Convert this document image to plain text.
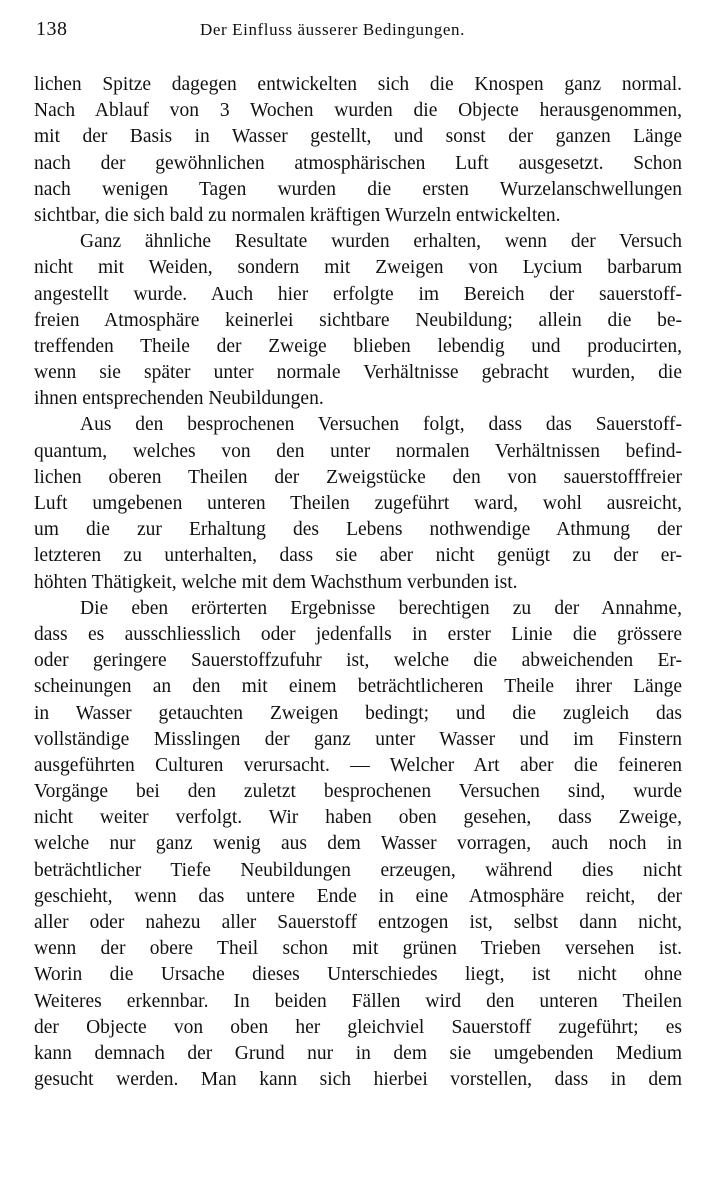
138	Der Einfluss äusserer Bedingungen.
lichen Spitze dagegen entwickelten sich die Knospen ganz normal.
Nach Ablauf von 3 Wochen wurden die Objecte herausgenommen,
mit der Basis in Wasser gestellt, und sonst der ganzen Länge
nach der gewöhnlichen atmosphärischen Luft ausgesetzt. Schon
nach wenigen Tagen wurden die ersten Wurzelanschwellungen
sichtbar, die sich bald zu normalen kräftigen Wurzeln entwickelten.
Ganz ähnliche Resultate wurden erhalten, wenn der Versuch
nicht mit Weiden, sondern mit Zweigen von Lycium barbarum
angestellt wurde. Auch hier erfolgte im Bereich der sauerstoff-
freien Atmosphäre keinerlei sichtbare Neubildung; allein die be-
treffenden Theile der Zweige blieben lebendig und producirten,
wenn sie später unter normale Verhältnisse gebracht wurden, die
ihnen entsprechenden Neubildungen.
Aus den besprochenen Versuchen folgt, dass das Sauerstoff-
quantum, welches von den unter normalen Verhältnissen befind-
lichen oberen Theilen der Zweigstücke den von sauerstofffreier
Luft umgebenen unteren Theilen zugeführt ward, wohl ausreicht,
um die zur Erhaltung des Lebens nothwendige Athmung der
letzteren zu unterhalten, dass sie aber nicht genügt zu der er-
höhten Thätigkeit, welche mit dem Wachsthum verbunden ist.
Die eben erörterten Ergebnisse berechtigen zu der Annahme,
dass es ausschliesslich oder jedenfalls in erster Linie die grössere
oder geringere Sauerstoffzufuhr ist, welche die abweichenden Er-
scheinungen an den mit einem beträchtlicheren Theile ihrer Länge
in Wasser getauchten Zweigen bedingt; und die zugleich das
vollständige Misslingen der ganz unter Wasser und im Finstern
ausgeführten Culturen verursacht. — Welcher Art aber die feineren
Vorgänge bei den zuletzt besprochenen Versuchen sind, wurde
nicht weiter verfolgt. Wir haben oben gesehen, dass Zweige,
welche nur ganz wenig aus dem Wasser vorragen, auch noch in
beträchtlicher Tiefe Neubildungen erzeugen, während dies nicht
geschieht, wenn das untere Ende in eine Atmosphäre reicht, der
aller oder nahezu aller Sauerstoff entzogen ist, selbst dann nicht,
wenn der obere Theil schon mit grünen Trieben versehen ist.
Worin die Ursache dieses Unterschiedes liegt, ist nicht ohne
Weiteres erkennbar. In beiden Fällen wird den unteren Theilen
der Objecte von oben her gleichviel Sauerstoff zugeführt; es
kann demnach der Grund nur in dem sie umgebenden Medium
gesucht werden. Man kann sich hierbei vorstellen, dass in dem
